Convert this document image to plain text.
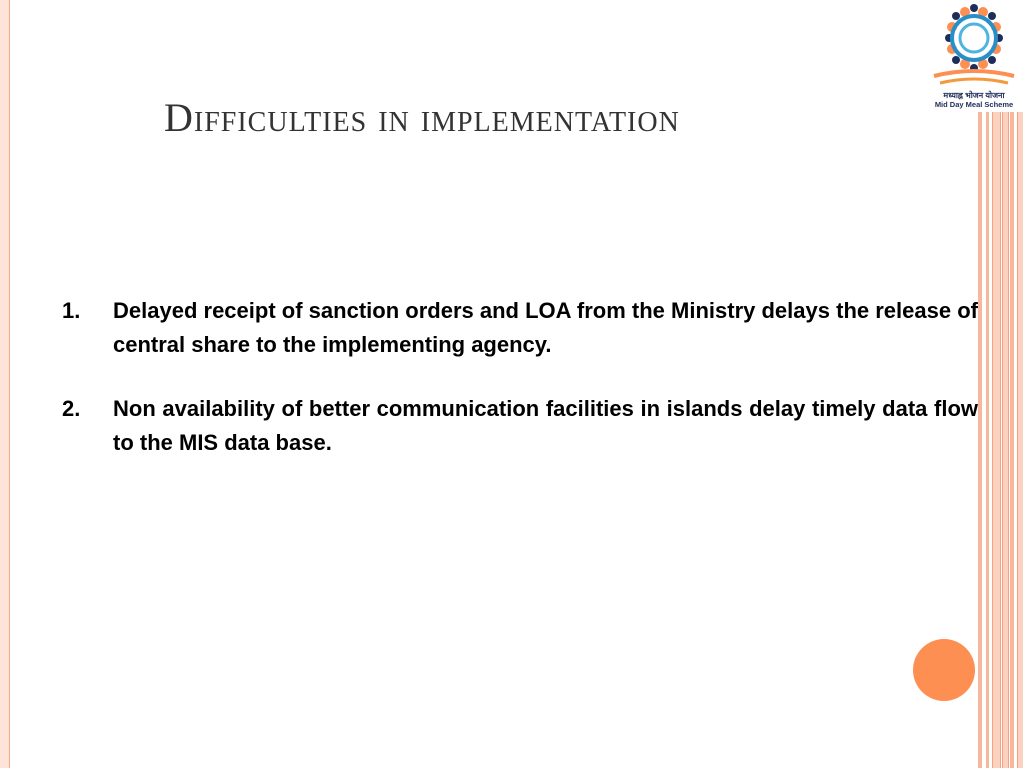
मध्याह्न भोजन योजना
Mid Day Meal Scheme
Difficulties in implementation
1. Delayed receipt of sanction orders and LOA from the Ministry delays the release of central share to the implementing agency.

2. Non availability of better communication facilities in islands delay timely data flow to the MIS data base.
